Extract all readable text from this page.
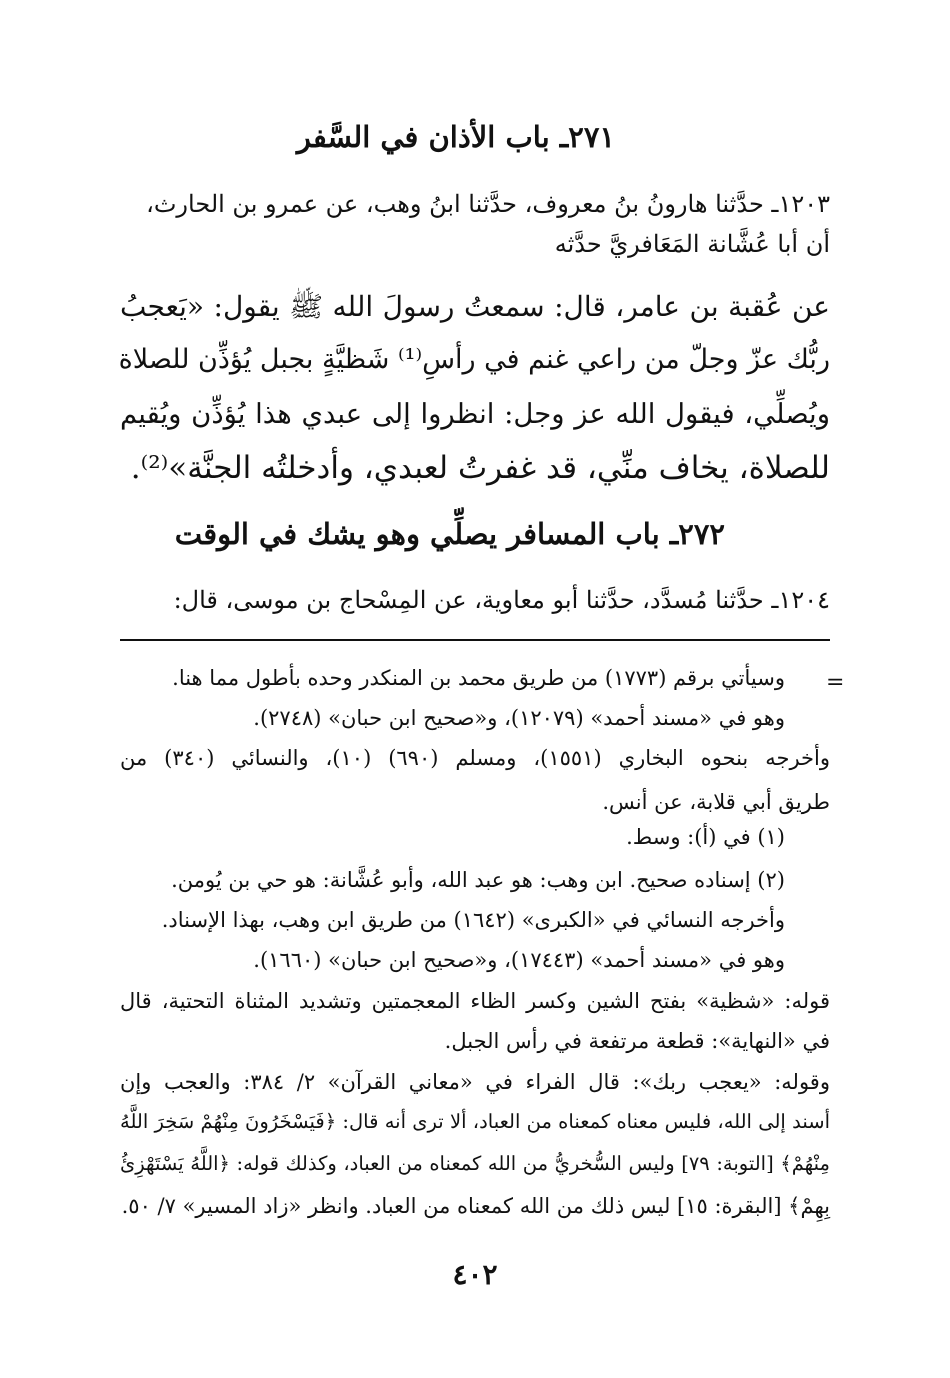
٢٧١ـ باب الأذان في السَّفر
١٢٠٣ـ حدَّثنا هارونُ بنُ معروف، حدَّثنا ابنُ وهب، عن عمرو بن الحارث،
أن أبا عُشَّانة المَعَافريَّ حدَّثه
عن عُقبة بن عامر، قال: سمعتُ رسولَ الله ﷺ يقول: «يَعجبُ
ربُّك عزّ وجلّ من راعي غنم في رأسِ⁽¹⁾ شَظيَّةٍ بجبل يُؤذِّن للصلاة
ويُصلِّي، فيقول الله عز وجل: انظروا إلى عبدي هذا يُؤذِّن ويُقيم
للصلاة، يخاف منِّي، قد غفرتُ لعبدي، وأدخلتُه الجنَّة»⁽²⁾.
٢٧٢ـ باب المسافر يصلِّي وهو يشك في الوقت
١٢٠٤ـ حدَّثنا مُسدَّد، حدَّثنا أبو معاوية، عن المِسْحاج بن موسى، قال:
=
وسيأتي برقم (١٧٧٣) من طريق محمد بن المنكدر وحده بأطول مما هنا.
وهو في «مسند أحمد» (١٢٠٧٩)، و«صحيح ابن حبان» (٢٧٤٨).
وأخرجه بنحوه البخاري (١٥٥١)، ومسلم (٦٩٠) (١٠)، والنسائي (٣٤٠) من
طريق أبي قلابة، عن أنس.
(١) في (أ): وسط.
(٢) إسناده صحيح. ابن وهب: هو عبد الله، وأبو عُشَّانة: هو حي بن يُومن.
وأخرجه النسائي في «الكبرى» (١٦٤٢) من طريق ابن وهب، بهذا الإسناد.
وهو في «مسند أحمد» (١٧٤٤٣)، و«صحيح ابن حبان» (١٦٦٠).
قوله: «شظية» بفتح الشين وكسر الظاء المعجمتين وتشديد المثناة التحتية، قال
في «النهاية»: قطعة مرتفعة في رأس الجبل.
وقوله: «يعجب ربك»: قال الفراء في «معاني القرآن» ٢/ ٣٨٤: والعجب وإن
أسند إلى الله، فليس معناه كمعناه من العباد، ألا ترى أنه قال: ﴿فَيَسْخَرُونَ مِنْهُمْ سَخِرَ اللَّهُ
مِنْهُمْ﴾ [التوبة: ٧٩] وليس السُّخريُّ من الله كمعناه من العباد، وكذلك قوله: ﴿اللَّهُ يَسْتَهْزِئُ
بِهِمْ﴾ [البقرة: ١٥] ليس ذلك من الله كمعناه من العباد. وانظر «زاد المسير» ٧/ ٥٠.
٤٠٢
